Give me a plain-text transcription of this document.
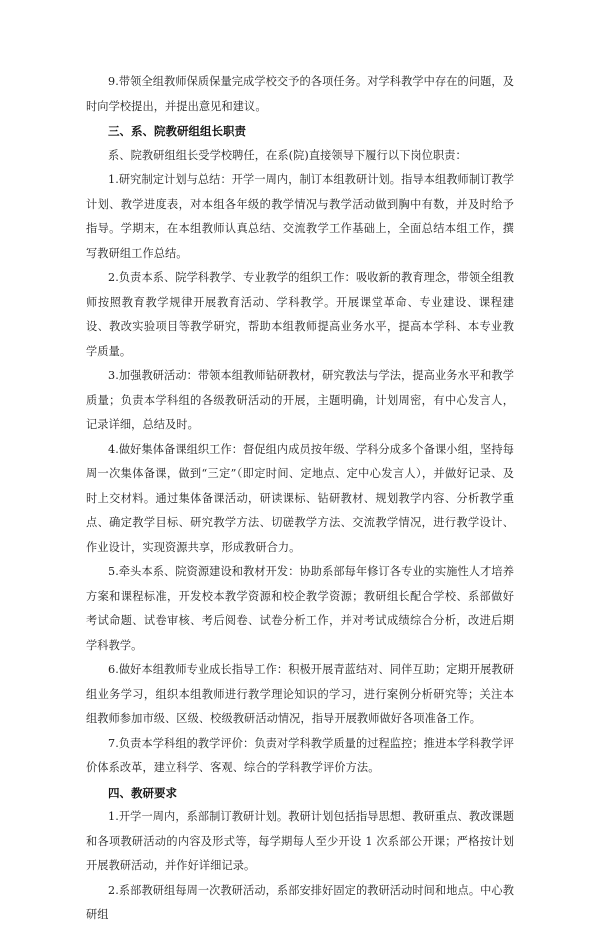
9.带领全组教师保质保量完成学校交予的各项任务。对学科教学中存在的问题，及时向学校提出，并提出意见和建议。

三、系、院教研组组长职责

系、院教研组组长受学校聘任，在系(院)直接领导下履行以下岗位职责：

1.研究制定计划与总结：开学一周内，制订本组教研计划。指导本组教师制订教学计划、教学进度表，对本组各年级的教学情况与教学活动做到胸中有数，并及时给予指导。学期末，在本组教师认真总结、交流教学工作基础上，全面总结本组工作，撰写教研组工作总结。

2.负责本系、院学科教学、专业教学的组织工作：吸收新的教育理念，带领全组教师按照教育教学规律开展教育活动、学科教学。开展课堂革命、专业建设、课程建设、教改实验项目等教学研究，帮助本组教师提高业务水平，提高本学科、本专业教学质量。

3.加强教研活动：带领本组教师钻研教材，研究教法与学法，提高业务水平和教学质量；负责本学科组的各级教研活动的开展，主题明确，计划周密，有中心发言人，记录详细，总结及时。

4.做好集体备课组织工作：督促组内成员按年级、学科分成多个备课小组，坚持每周一次集体备课，做到“三定”（即定时间、定地点、定中心发言人），并做好记录、及时上交材料。通过集体备课活动，研读课标、钻研教材、规划教学内容、分析教学重点、确定教学目标、研究教学方法、切磋教学方法、交流教学情况，进行教学设计、作业设计，实现资源共享，形成教研合力。

5.牵头本系、院资源建设和教材开发：协助系部每年修订各专业的实施性人才培养方案和课程标准，开发校本教学资源和校企教学资源；教研组长配合学校、系部做好考试命题、试卷审核、考后阅卷、试卷分析工作，并对考试成绩综合分析，改进后期学科教学。

6.做好本组教师专业成长指导工作：积极开展青蓝结对、同伴互助；定期开展教研组业务学习，组织本组教师进行教学理论知识的学习，进行案例分析研究等；关注本组教师参加市级、区级、校级教研活动情况，指导开展教师做好各项准备工作。

7.负责本学科组的教学评价：负责对学科教学质量的过程监控；推进本学科教学评价体系改革，建立科学、客观、综合的学科教学评价方法。

四、教研要求

1.开学一周内，系部制订教研计划。教研计划包括指导思想、教研重点、教改课题和各项教研活动的内容及形式等，每学期每人至少开设 1 次系部公开课；严格按计划开展教研活动，并作好详细记录。

2.系部教研组每周一次教研活动，系部安排好固定的教研活动时间和地点。中心教研组
